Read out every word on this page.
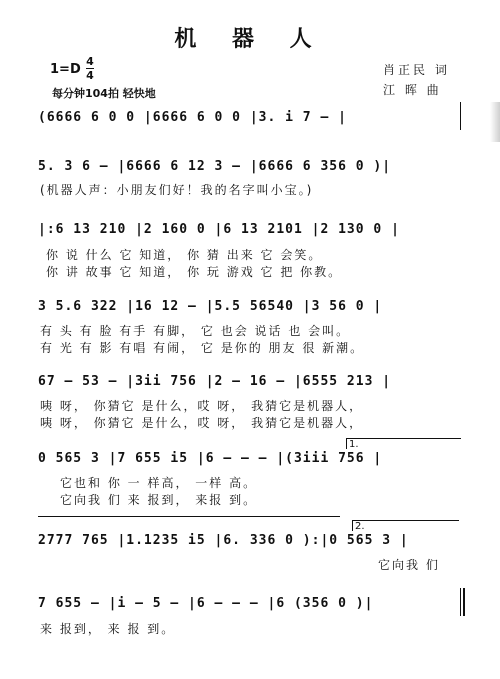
机 器 人
1=D
4
4
每分钟104拍 轻快地
肖正民 词
江 晖 曲
(6666 6 0 0 |6666 6 0 0 |3. i 7 – |
5. 3 6 – |6666 6 12 3 – |6666 6 356 0 )|
(机器人声：小朋友们好！我的名字叫小宝。)
|:6 13 210 |2 160 0 |6 13 2101 |2 130 0 |
你 说 什么 它 知道， 你 猜 出来 它 会笑。
你 讲 故事 它 知道， 你 玩 游戏 它 把 你教。
3 5.6 322 |16 12 – |5.5 56540 |3 56 0 |
有 头 有 脸 有手 有脚， 它 也会 说话 也 会叫。
有 光 有 影 有唱 有闹， 它 是你的 朋友 很 新潮。
67 – 53 – |3ii 756 |2 – 16 – |6555 213 |
咦 呀， 你猜它 是什么，哎 呀， 我猜它是机器人，
咦 呀， 你猜它 是什么，哎 呀， 我猜它是机器人，
1.
0 565 3 |7 655 i5 |6 – – – |(3iii 756 |
它也和 你 一 样高， 一样 高。
它向我 们 来 报到， 来报 到。
2.
2777 765 |1.1235 i5 |6. 336 0 ):|0 565 3 |
它向我 们
7 655 – |i – 5 – |6 – – – |6 (356 0 )|
来 报到， 来 报 到。
